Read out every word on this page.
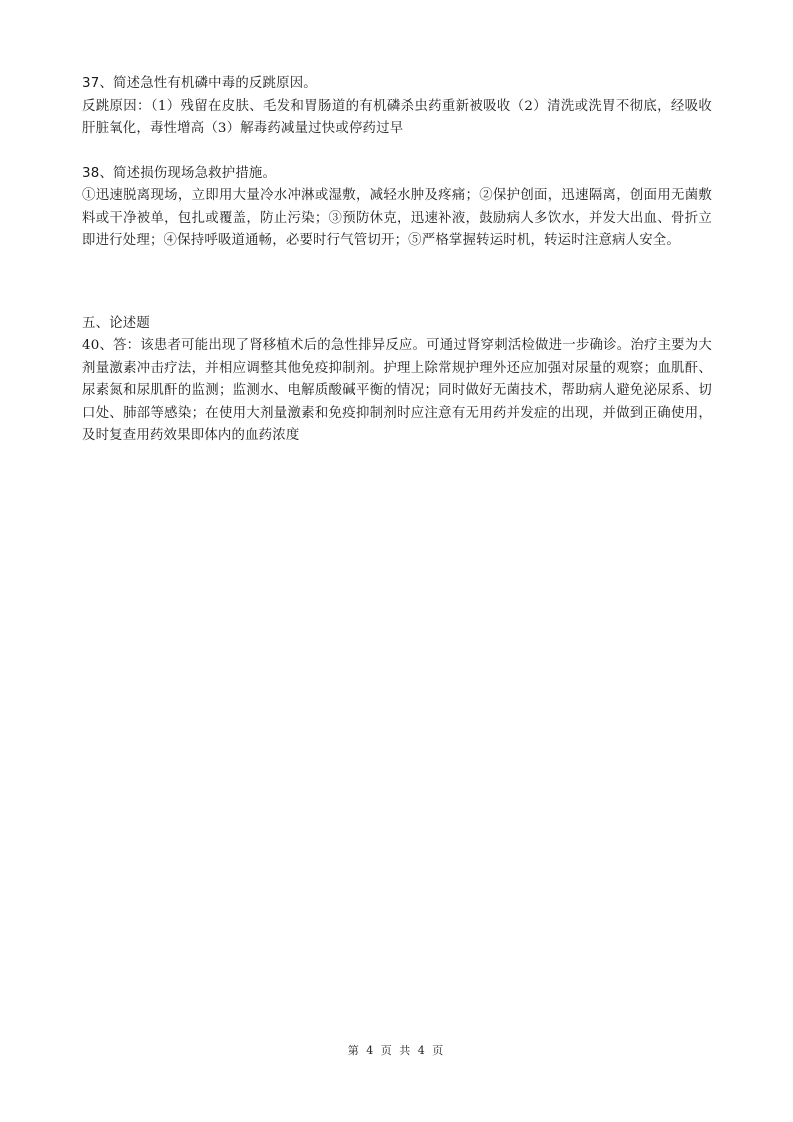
37、简述急性有机磷中毒的反跳原因。

反跳原因：（1）残留在皮肤、毛发和胃肠道的有机磷杀虫药重新被吸收（2）清洗或洗胃不彻底，经吸收肝脏氧化，毒性增高（3）解毒药减量过快或停药过早

38、简述损伤现场急救护措施。

①迅速脱离现场，立即用大量冷水冲淋或湿敷，减轻水肿及疼痛；②保护创面，迅速隔离，创面用无菌敷料或干净被单，包扎或覆盖，防止污染；③预防休克，迅速补液，鼓励病人多饮水，并发大出血、骨折立即进行处理；④保持呼吸道通畅，必要时行气管切开；⑤严格掌握转运时机，转运时注意病人安全。

五、论述题

40、答：该患者可能出现了肾移植术后的急性排异反应。可通过肾穿刺活检做进一步确诊。治疗主要为大剂量激素冲击疗法，并相应调整其他免疫抑制剂。护理上除常规护理外还应加强对尿量的观察；血肌酐、尿素氮和尿肌酐的监测；监测水、电解质酸碱平衡的情况；同时做好无菌技术，帮助病人避免泌尿系、切口处、肺部等感染；在使用大剂量激素和免疫抑制剂时应注意有无用药并发症的出现，并做到正确使用，及时复查用药效果即体内的血药浓度

第 4 页 共 4 页
